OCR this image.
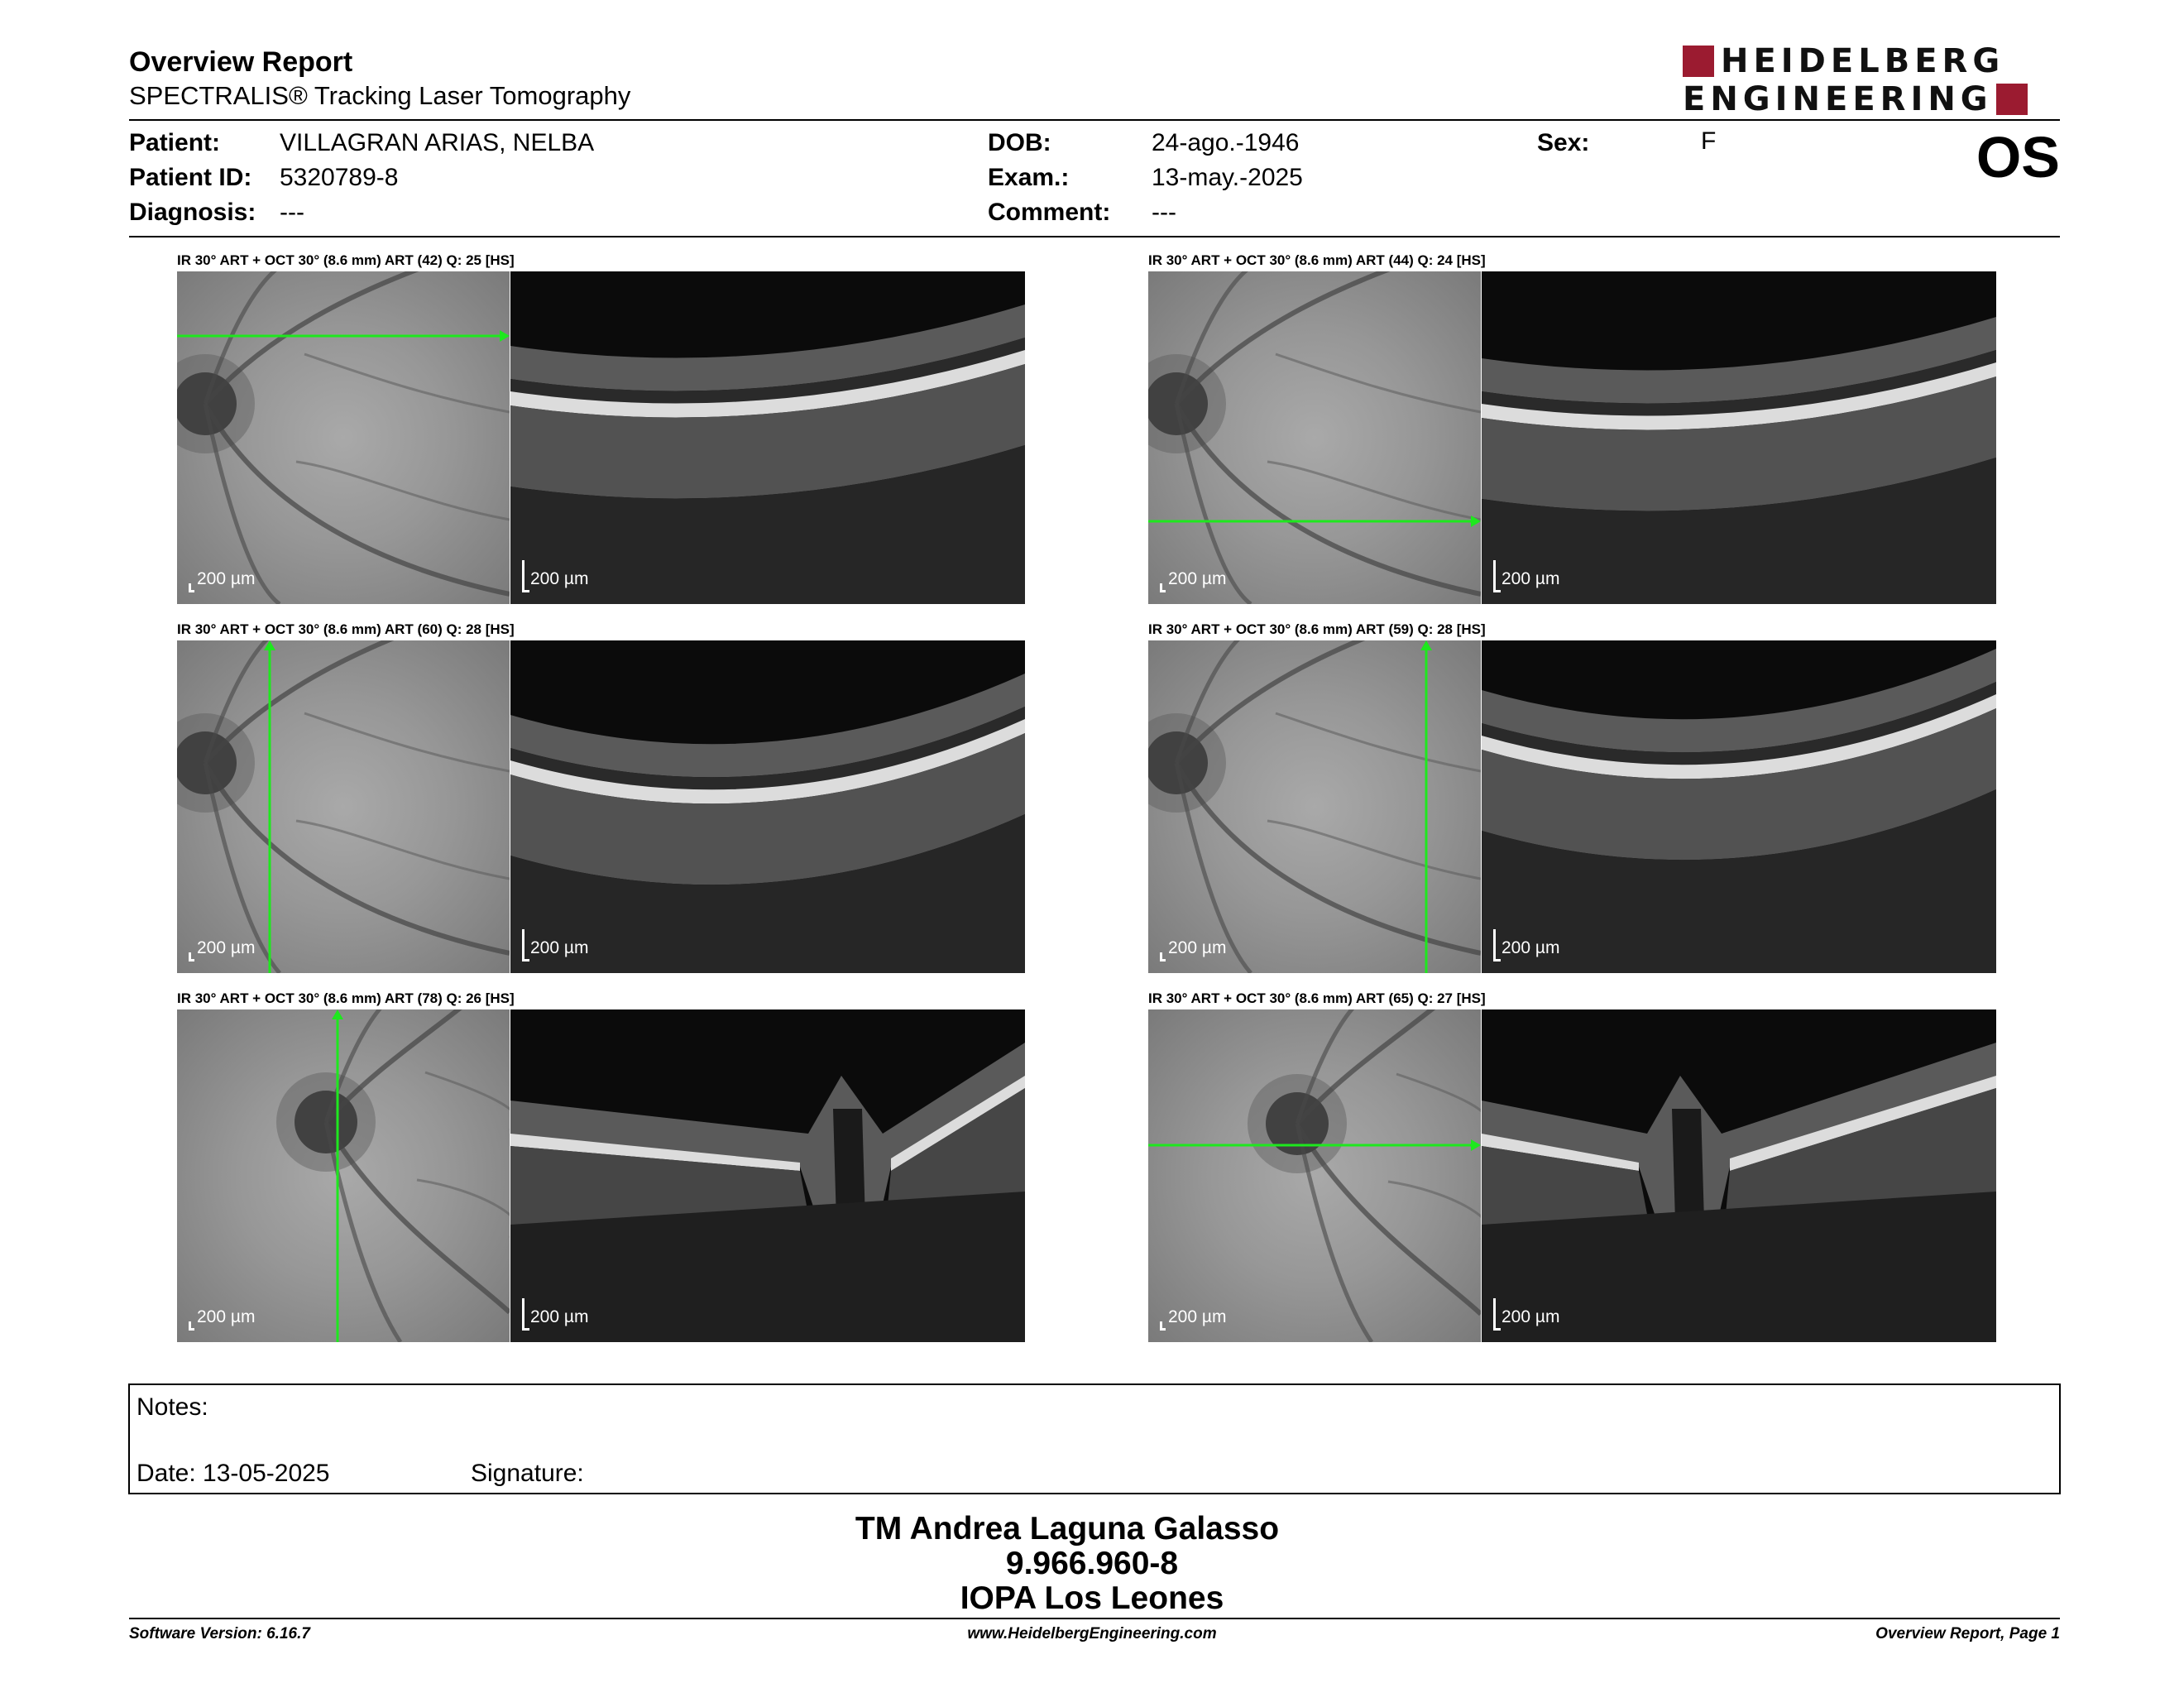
Overview Report
SPECTRALIS® Tracking Laser Tomography
HEIDELBERG
ENGINEERING
Patient: VILLAGRAN ARIAS, NELBA
Patient ID: 5320789-8
Diagnosis: ---
DOB:	24-ago.-1946
Exam.:	13-may.-2025
Comment: ---
Sex:	F	OS
IR 30° ART + OCT 30° (8.6 mm) ART (42) Q: 25 [HS]
200 µm	200 µm
IR 30° ART + OCT 30° (8.6 mm) ART (44) Q: 24 [HS]
200 µm	200 µm
IR 30° ART + OCT 30° (8.6 mm) ART (60) Q: 28 [HS]
200 µm	200 µm
IR 30° ART + OCT 30° (8.6 mm) ART (59) Q: 28 [HS]
200 µm	200 µm
IR 30° ART + OCT 30° (8.6 mm) ART (78) Q: 26 [HS]
200 µm	200 µm
IR 30° ART + OCT 30° (8.6 mm) ART (65) Q: 27 [HS]
200 µm	200 µm
Notes:
Date: 13-05-2025	Signature:
TM Andrea Laguna Galasso
9.966.960-8
IOPA Los Leones
Software Version: 6.16.7	www.HeidelbergEngineering.com	Overview Report, Page 1
